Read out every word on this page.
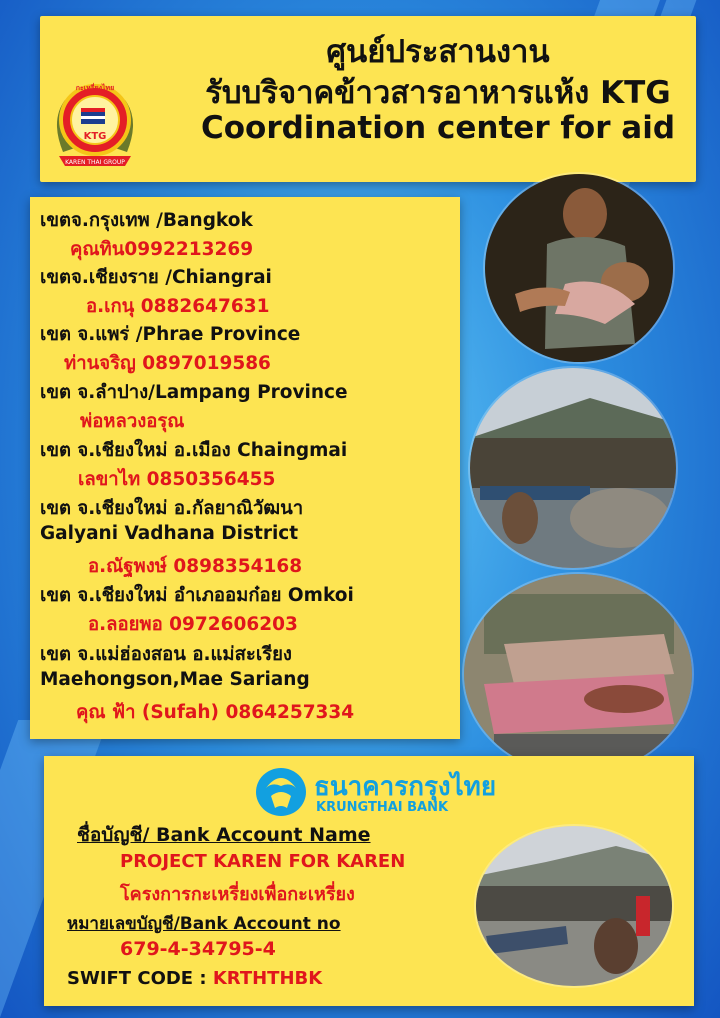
KTG
KAREN THAI GROUP
กะเหรี่ยงไทย
ศูนย์ประสานงาน
รับบริจาคข้าวสารอาหารแห้ง KTG
Coordination center for aid
เขตจ.กรุงเทพ /Bangkok
คุณทิน0992213269
เขตจ.เชียงราย /Chiangrai
อ.เกนุ 0882647631
เขต จ.แพร่ /Phrae Province
ท่านจริญ 0897019586
เขต จ.ลำปาง/Lampang Province
พ่อหลวงอรุณ
เขต จ.เชียงใหม่ อ.เมือง Chaingmai
เลขาไท 0850356455
เขต จ.เชียงใหม่ อ.กัลยาณิวัฒนา
Galyani Vadhana District
อ.ณัฐพงษ์ 0898354168
เขต จ.เชียงใหม่ อำเภออมก๋อย Omkoi
อ.ลอยพอ 0972606203
เขต จ.แม่ฮ่องสอน อ.แม่สะเรียง
Maehongson,Mae Sariang
คุณ ฟ้า (Sufah) 0864257334
ธนาคารกรุงไทย
KRUNGTHAI BANK
ชื่อบัญชี/ Bank Account Name
PROJECT KAREN FOR KAREN
โครงการกะเหรี่ยงเพื่อกะเหรี่ยง
หมายเลขบัญชี/Bank Account no
679-4-34795-4
SWIFT CODE : KRTHTHBK
